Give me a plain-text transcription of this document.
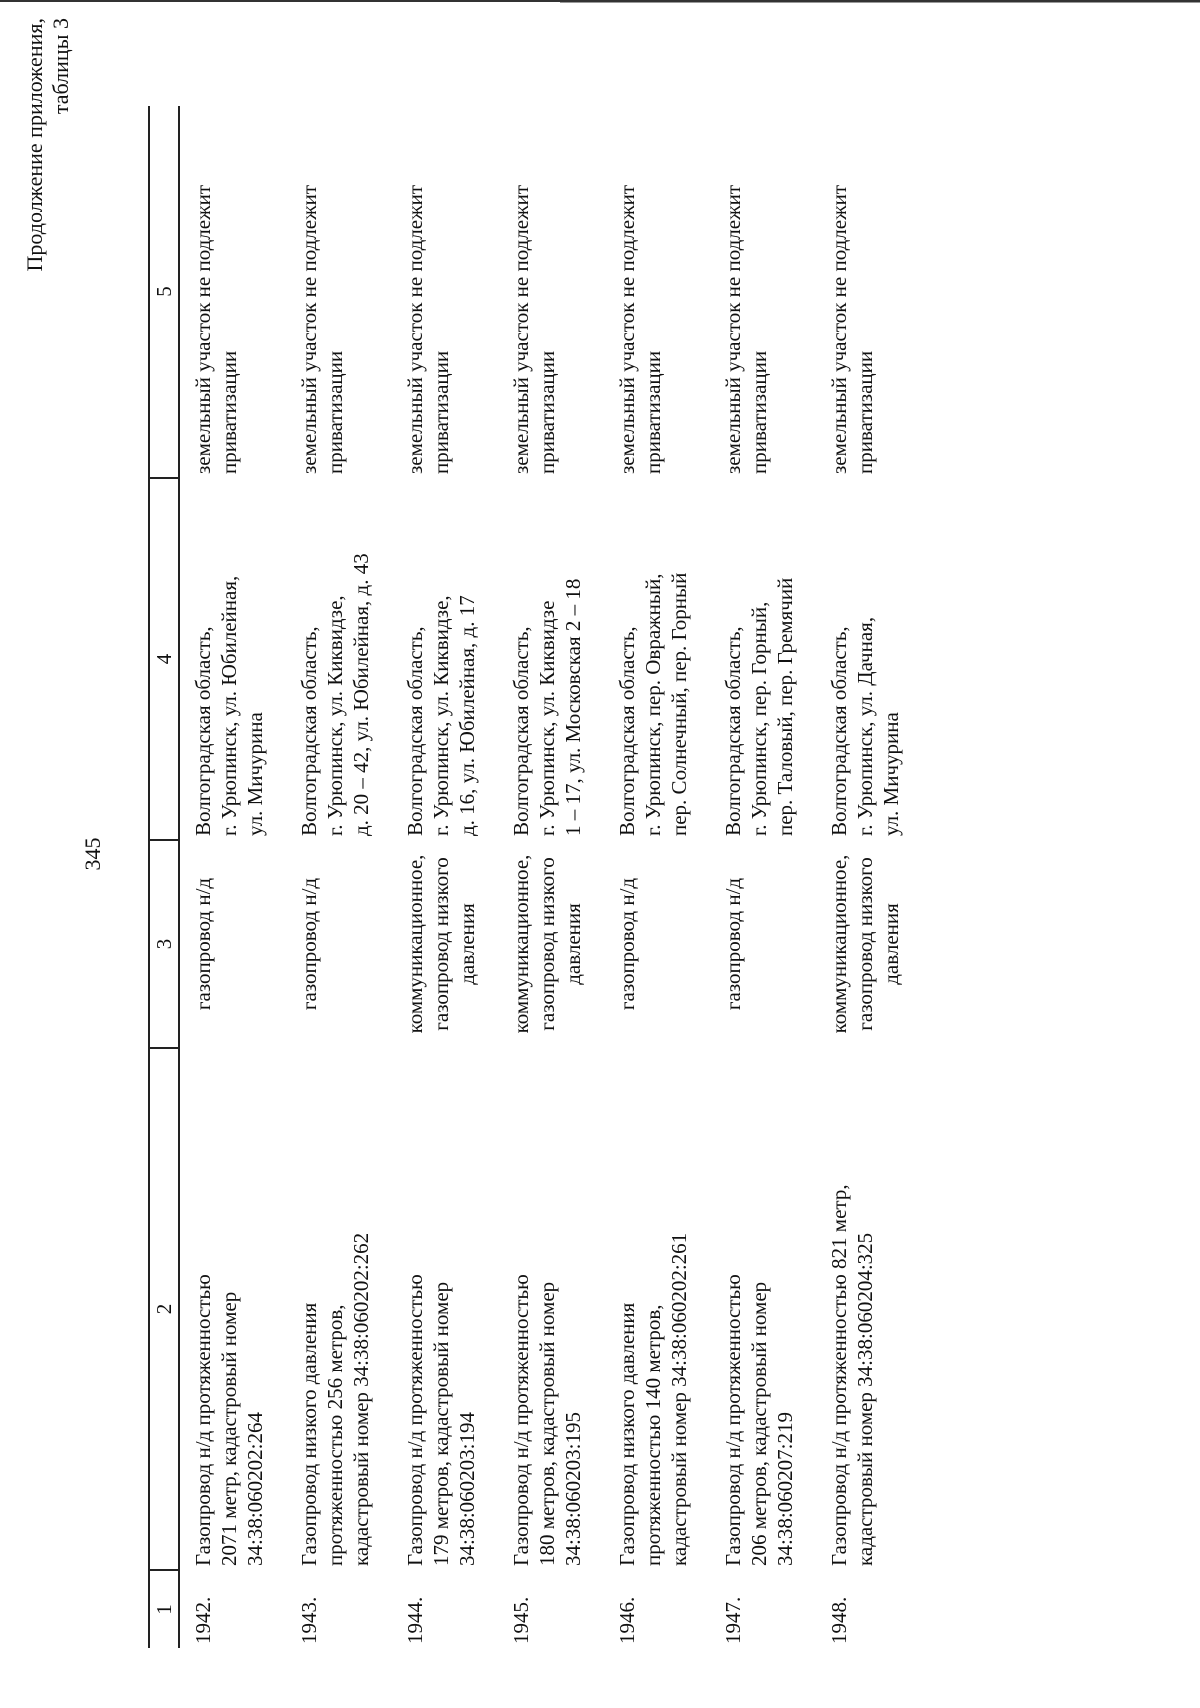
345
Продолжение приложения, таблицы 3
1	2	3	4	5
1942.	Газопровод н/д протяженностью 2071 метр, кадастровый номер 34:38:060202:264	газопровод н/д	Волгоградская область, г. Урюпинск, ул. Юбилейная, ул. Мичурина	земельный участок не подлежит приватизации

1943.	Газопровод низкого давления протяженностью 256 метров, кадастровый номер 34:38:060202:262	газопровод н/д	Волгоградская область, г. Урюпинск, ул. Киквидзе, д. 20 – 42, ул. Юбилейная, д. 43	земельный участок не подлежит приватизации

1944.	Газопровод н/д протяженностью 179 метров, кадастровый номер 34:38:060203:194	коммуникационное, газопровод низкого давления	Волгоградская область, г. Урюпинск, ул. Киквидзе, д. 16, ул. Юбилейная, д. 17	земельный участок не подлежит приватизации

1945.	Газопровод н/д протяженностью 180 метров, кадастровый номер 34:38:060203:195	коммуникационное, газопровод низкого давления	Волгоградская область, г. Урюпинск, ул. Киквидзе 1 – 17, ул. Московская 2 – 18	земельный участок не подлежит приватизации

1946.	Газопровод низкого давления протяженностью 140 метров, кадастровый номер 34:38:060202:261	газопровод н/д	Волгоградская область, г. Урюпинск, пер. Овражный, пер. Солнечный, пер. Горный	земельный участок не подлежит приватизации

1947.	Газопровод н/д протяженностью 206 метров, кадастровый номер 34:38:060207:219	газопровод н/д	Волгоградская область, г. Урюпинск, пер. Горный, пер. Таловый, пер. Гремячий	земельный участок не подлежит приватизации

1948.	Газопровод н/д протяженностью 821 метр, кадастровый номер 34:38:060204:325	коммуникационное, газопровод низкого давления	Волгоградская область, г. Урюпинск, ул. Дачная, ул. Мичурина	земельный участок не подлежит приватизации
